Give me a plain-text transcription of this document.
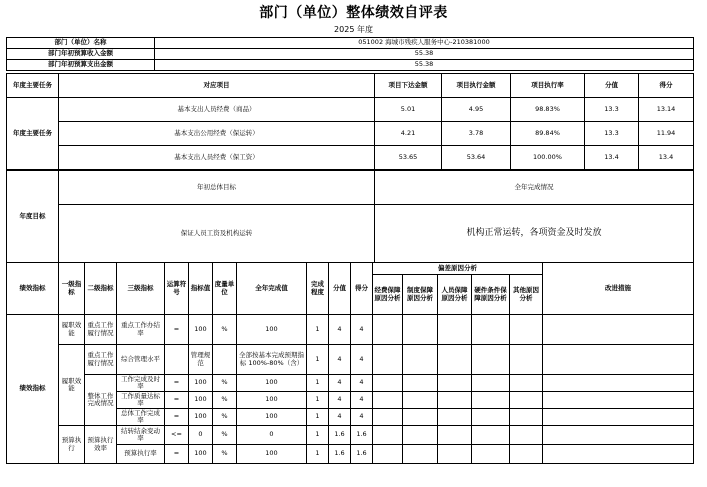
部门（单位）整体绩效自评表
2025 年度
部门（单位）名称	051002 海城市残疾人服务中心-210381000
部门年初预算收入金额	55.38
部门年初预算支出金额	55.38
年度主要任务	对应项目	项目下达金额	项目执行金额	项目执行率	分值	得分
年度主要任务	基本支出人员经费（商品）	5.01	4.95	98.83%	13.3	13.14
	基本支出公用经费（保运转）	4.21	3.78	89.84%	13.3	11.94
	基本支出人员经费（保工资）	53.65	53.64	100.00%	13.4	13.4
年度目标	年初总体目标	全年完成情况
	保证人员工资及机构运转	机构正常运转，各项资金及时发放
绩效指标	一级指标	二级指标	三级指标	运算符号	指标值	度量单位	全年完成值	完成程度	分值	得分	偏差原因分析					改进措施
											经费保障原因分析	制度保障原因分析	人员保障原因分析	硬件条件保障原因分析	其他原因分析	
绩效指标	履职效能	重点工作履行情况	重点工作办结率	=	100	%	100	1	4	4						
	履职效能	重点工作履行情况	综合管理水平		管理规范		全部按基本完成预期指标 100%-80%（含）	1	4	4						
		整体工作完成情况	工作完成及时率	=	100	%	100	1	4	4						
			工作质量达标率	=	100	%	100	1	4	4						
			总体工作完成率	=	100	%	100	1	4	4						
	预算执行	预算执行效率	结转结余变动率	<=	0	%	0	1	1.6	1.6						
			预算执行率	=	100	%	100	1	1.6	1.6						
